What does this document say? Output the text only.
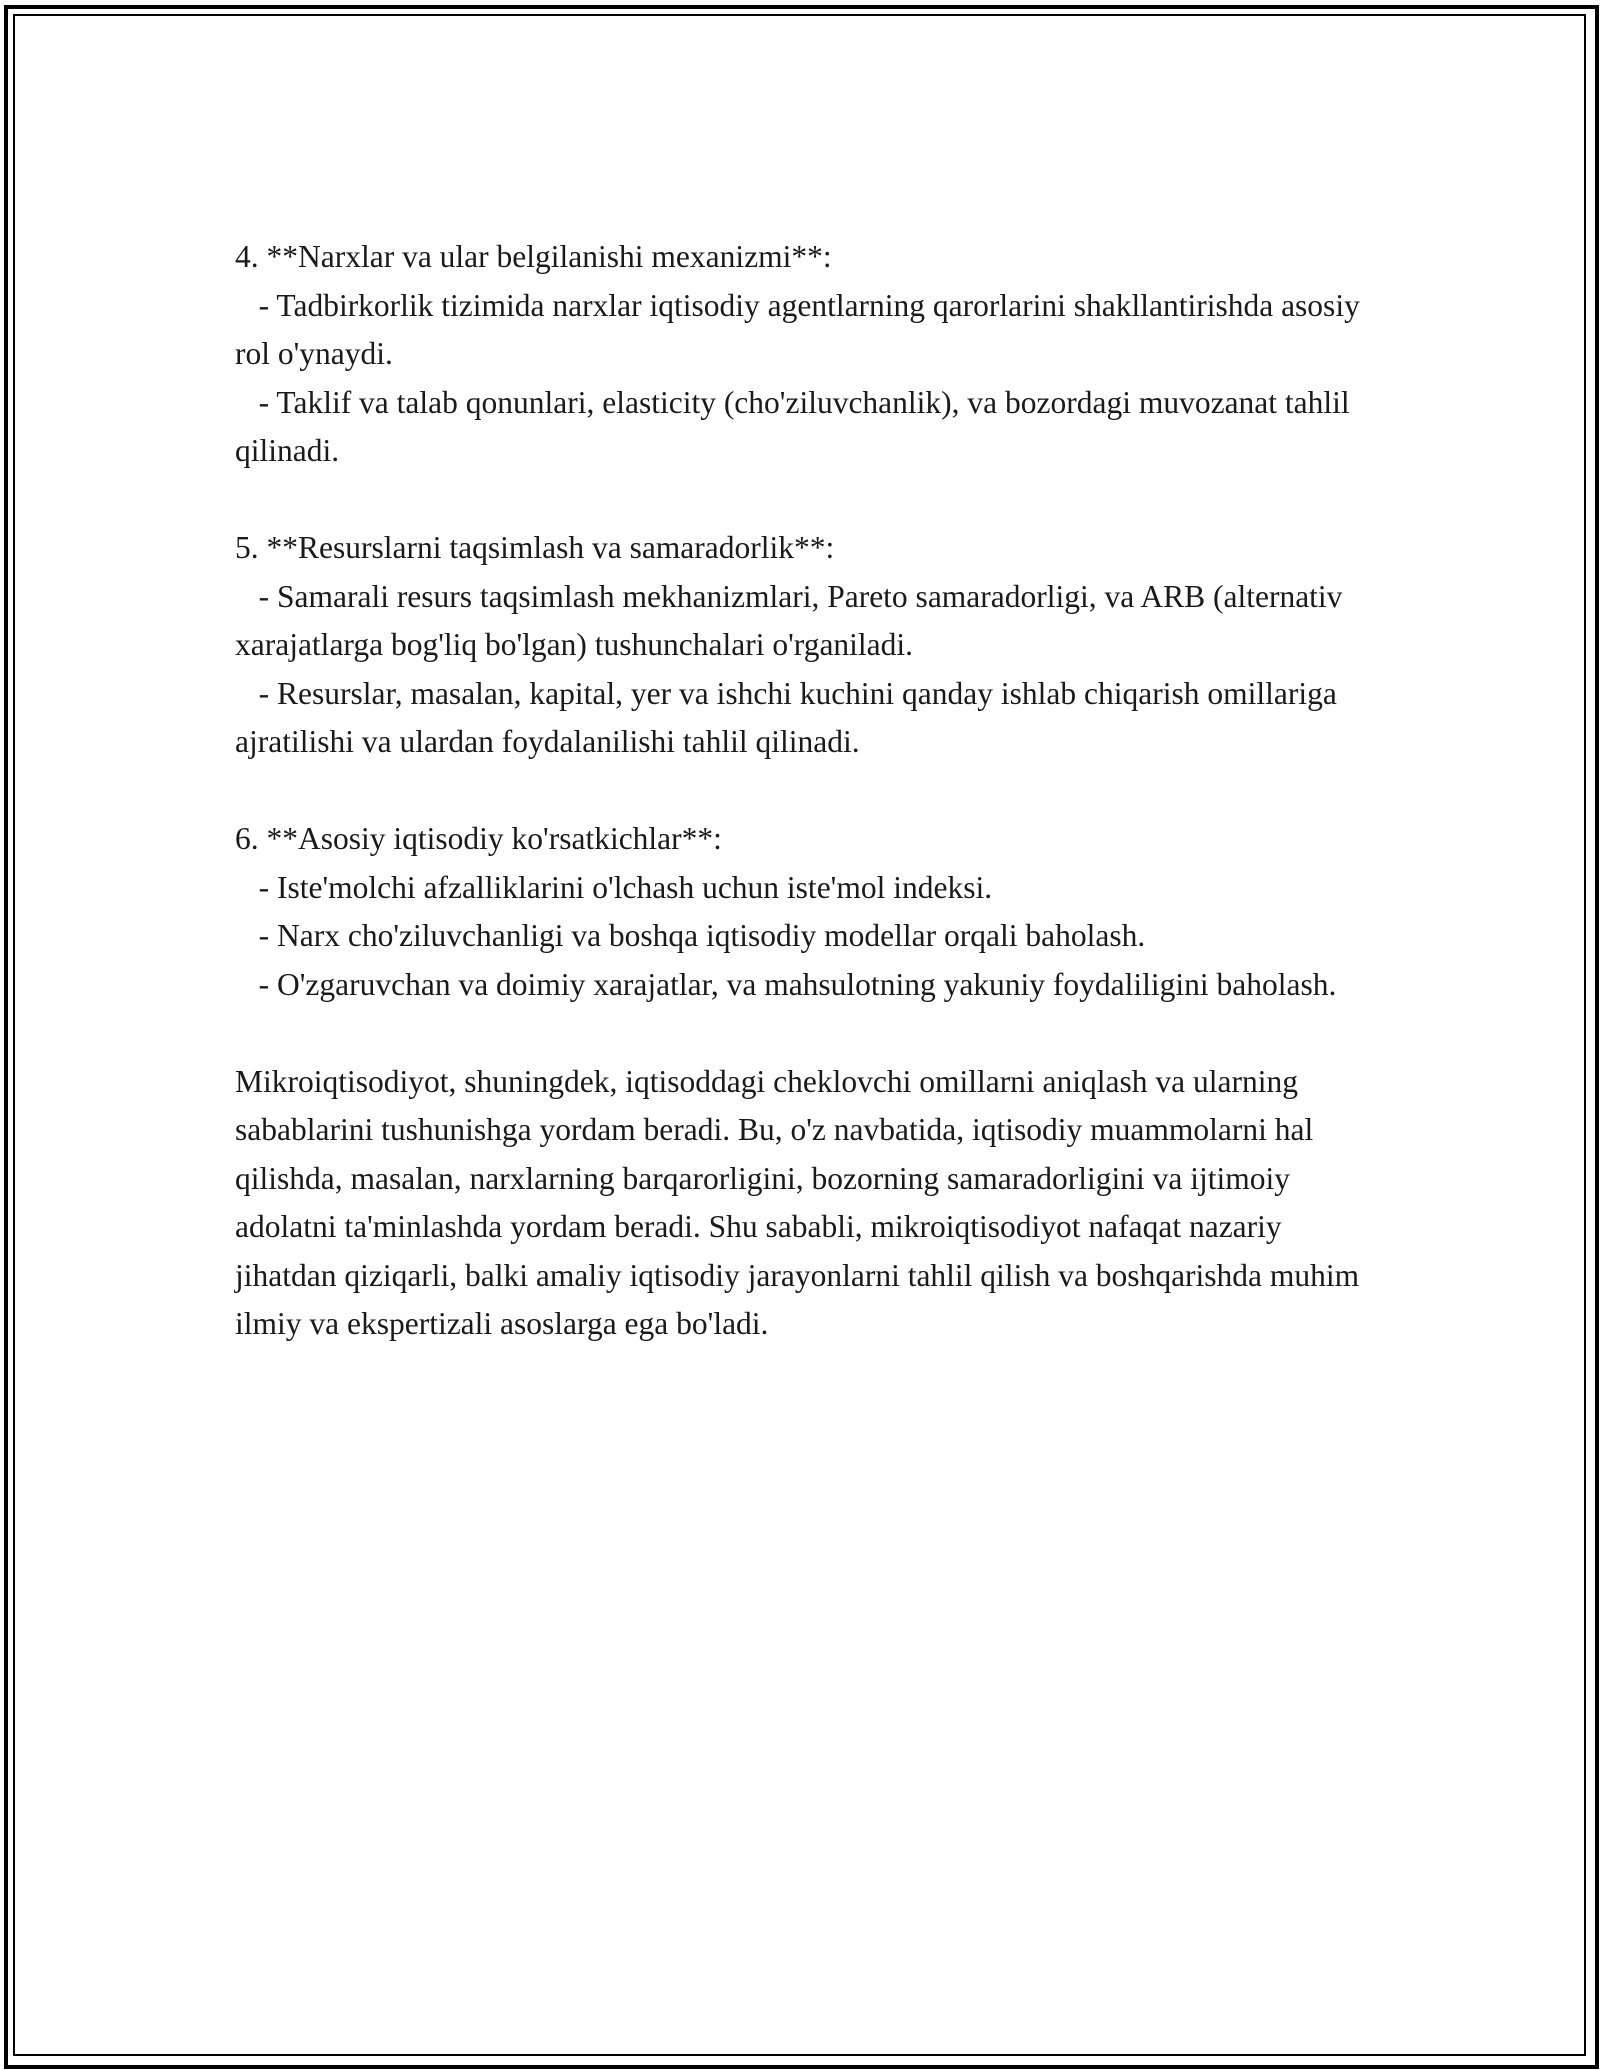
4. **Narxlar va ular belgilanishi mexanizmi**:
- Tadbirkorlik tizimida narxlar iqtisodiy agentlarning qarorlarini shakllantirishda asosiy rol o'ynaydi.
- Taklif va talab qonunlari, elasticity (cho'ziluvchanlik), va bozordagi muvozanat tahlil qilinadi.
5. **Resurslarni taqsimlash va samaradorlik**:
- Samarali resurs taqsimlash mekhanizmlari, Pareto samaradorligi, va ARB (alternativ xarajatlarga bog'liq bo'lgan) tushunchalari o'rganiladi.
- Resurslar, masalan, kapital, yer va ishchi kuchini qanday ishlab chiqarish omillariga ajratilishi va ulardan foydalanilishi tahlil qilinadi.
6. **Asosiy iqtisodiy ko'rsatkichlar**:
- Iste'molchi afzalliklarini o'lchash uchun iste'mol indeksi.
- Narx cho'ziluvchanligi va boshqa iqtisodiy modellar orqali baholash.
- O'zgaruvchan va doimiy xarajatlar, va mahsulotning yakuniy foydaliligini baholash.
Mikroiqtisodiyot, shuningdek, iqtisoddagi cheklovchi omillarni aniqlash va ularning sabablarini tushunishga yordam beradi. Bu, o'z navbatida, iqtisodiy muammolarni hal qilishda, masalan, narxlarning barqarorligini, bozorning samaradorligini va ijtimoiy adolatni ta'minlashda yordam beradi. Shu sababli, mikroiqtisodiyot nafaqat nazariy jihatdan qiziqarli, balki amaliy iqtisodiy jarayonlarni tahlil qilish va boshqarishda muhim ilmiy va ekspertizali asoslarga ega bo'ladi.
